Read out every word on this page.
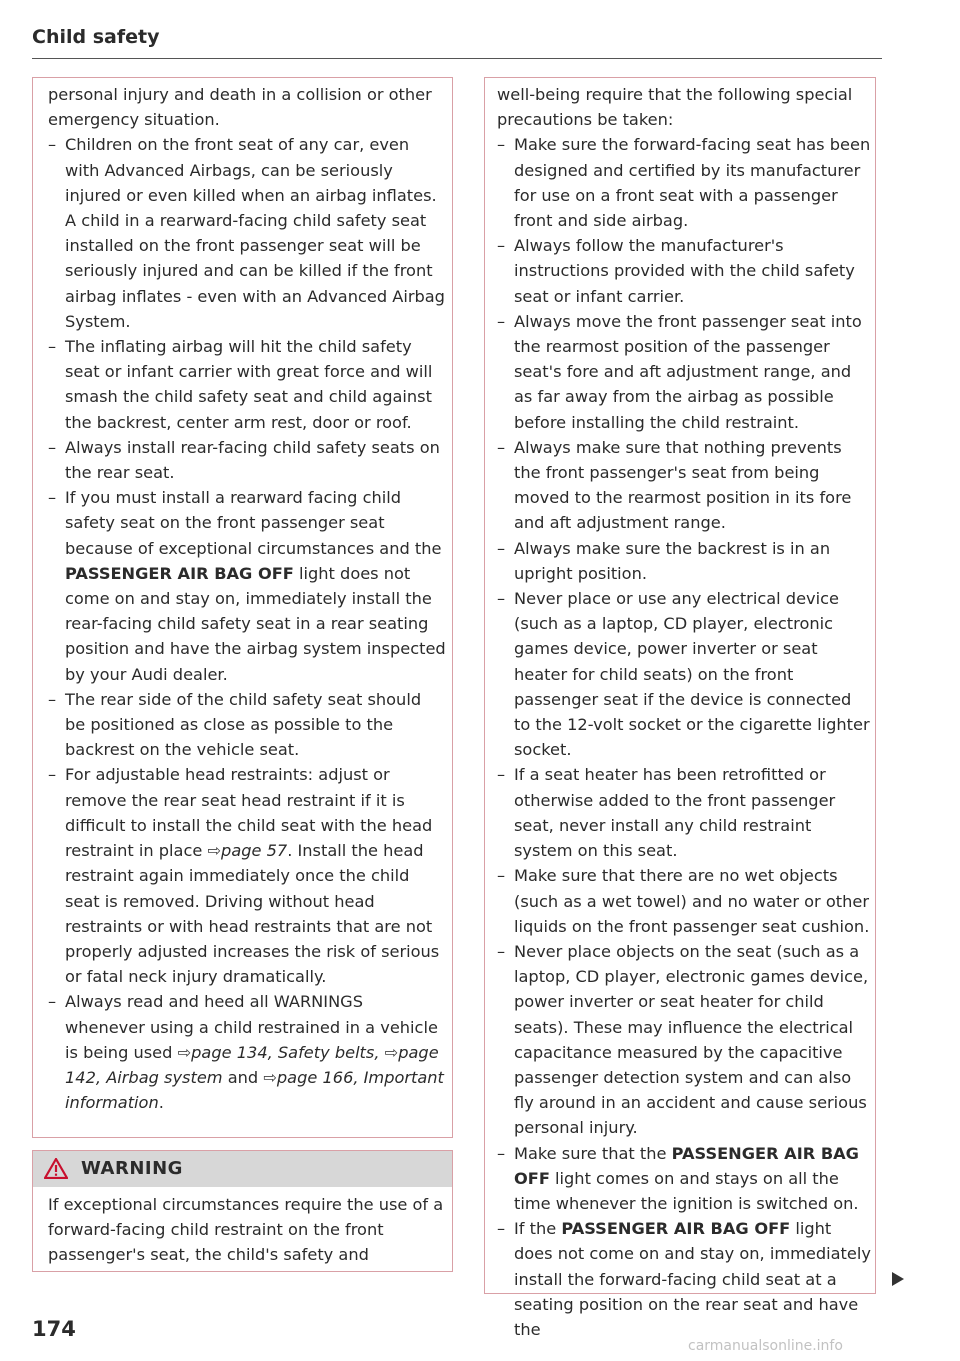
Child safety

personal injury and death in a collision or other emergency situation.

– Children on the front seat of any car, even with Advanced Airbags, can be seriously injured or even killed when an airbag inflates. A child in a rearward-facing child safety seat installed on the front passenger seat will be seriously injured and can be killed if the front airbag inflates - even with an Advanced Airbag System.
– The inflating airbag will hit the child safety seat or infant carrier with great force and will smash the child safety seat and child against the backrest, center arm rest, door or roof.
– Always install rear-facing child safety seats on the rear seat.
– If you must install a rearward facing child safety seat on the front passenger seat because of exceptional circumstances and the PASSENGER AIR BAG OFF light does not come on and stay on, immediately install the rear-facing child safety seat in a rear seating position and have the airbag system inspected by your Audi dealer.
– The rear side of the child safety seat should be positioned as close as possible to the backrest on the vehicle seat.
– For adjustable head restraints: adjust or remove the rear seat head restraint if it is difficult to install the child seat with the head restraint in place ⇨page 57. Install the head restraint again immediately once the child seat is removed. Driving without head restraints or with head restraints that are not properly adjusted increases the risk of serious or fatal neck injury dramatically.
– Always read and heed all WARNINGS whenever using a child restrained in a vehicle is being used ⇨page 134, Safety belts, ⇨page 142, Airbag system and ⇨page 166, Important information.
WARNING
If exceptional circumstances require the use of a forward-facing child restraint on the front passenger's seat, the child's safety and

well-being require that the following special precautions be taken:

– Make sure the forward-facing seat has been designed and certified by its manufacturer for use on a front seat with a passenger front and side airbag.
– Always follow the manufacturer's instructions provided with the child safety seat or infant carrier.
– Always move the front passenger seat into the rearmost position of the passenger seat's fore and aft adjustment range, and as far away from the airbag as possible before installing the child restraint.
– Always make sure that nothing prevents the front passenger's seat from being moved to the rearmost position in its fore and aft adjustment range.
– Always make sure the backrest is in an upright position.
– Never place or use any electrical device (such as a laptop, CD player, electronic games device, power inverter or seat heater for child seats) on the front passenger seat if the device is connected to the 12-volt socket or the cigarette lighter socket.
– If a seat heater has been retrofitted or otherwise added to the front passenger seat, never install any child restraint system on this seat.
– Make sure that there are no wet objects (such as a wet towel) and no water or other liquids on the front passenger seat cushion.
– Never place objects on the seat (such as a laptop, CD player, electronic games device, power inverter or seat heater for child seats). These may influence the electrical capacitance measured by the capacitive passenger detection system and can also fly around in an accident and cause serious personal injury.
– Make sure that the PASSENGER AIR BAG OFF light comes on and stays on all the time whenever the ignition is switched on.
– If the PASSENGER AIR BAG OFF light does not come on and stay on, immediately install the forward-facing child seat at a seating position on the rear seat and have the
174
carmanualsonline.info
